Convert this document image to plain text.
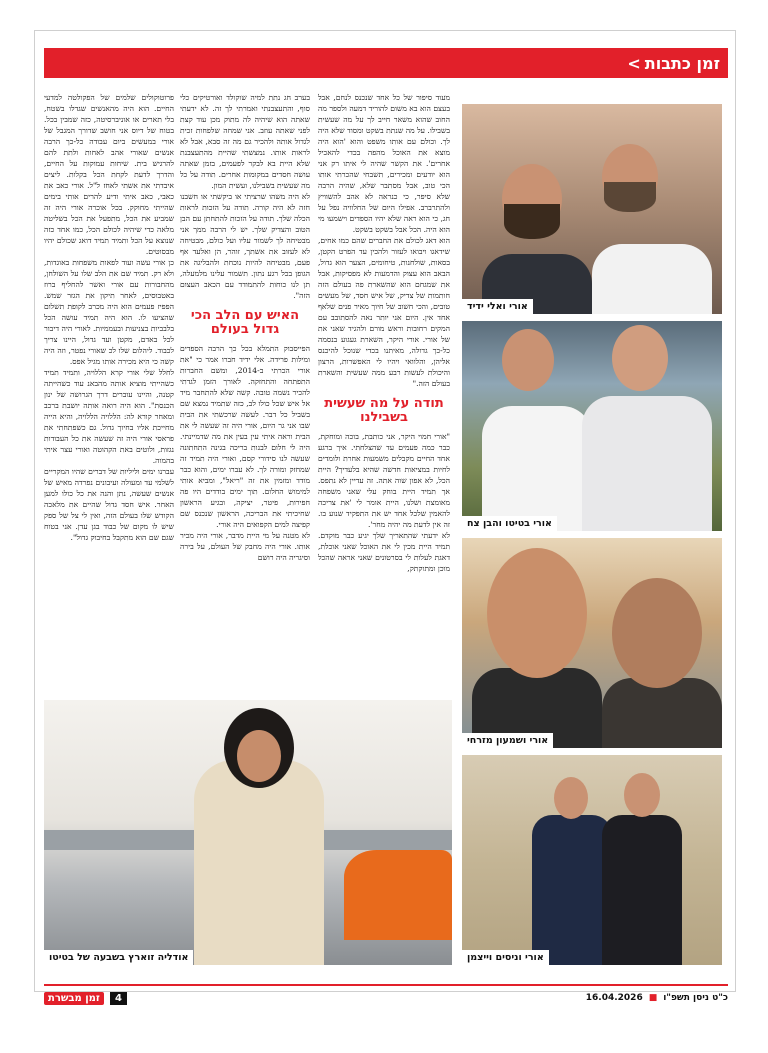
זמן כתבות
>

מעוד סיפור של כל אחד שנכנס לנחם, אבל בעצם הוא בא משום להוריד דמעה ולספר מה החוב שהוא משאר חייב לך על מה שעשית בשבילו. על מה שנתת בשקט ומסוד שלא היה לך. וכולם עם אותו משפט והוא 'הוא היה מוצא את האוכל מהפה בכדי להאכיל אחרים'. את הקשר שהיה לי איתו רק אני הוא יודעים ומכירים, תשבחי שהכרתי אותו הכי טוב, אבל מסתבר שלא, שהיה הרבה שלא סיפר, כי כנראה לא אהב להשוויץ ולהתרברב. אפילו היום של החלוויה נפל על חג, כי הוא ראה שלא יהיו הספדים וישמעו מי הוא היה. הכל אבל בשקט בשקט.

הוא דאג לכולם את החברים שהם כמו אחים, שידאגו ויבואו לעזור ולהכין עד הפרט הקטן, בסאות, שולחנות, טיחומים, הצער הוא גדול, הבאב הוא עצוק והדמעות לא מפסיקות, אבל את שמגחם הוא שהשארת פה בעולם הזה חותמות של צדיק, של איש חסד, של מעשים טובים, והכי חשוב של חיוך מאיר פנים שלאף אחד אין. היום אני יותר נאה להסתובב עם המקים רחובות וראש מורם ולהגיד שאני את של אורי. אורי היקר, השארת געגוע בנסמה כל-כך גדולה, מאיתנו בכדי שנוכל להיכנס אליהן, והלוואי ויהיו לי האפשרות, הרצון והיכולת לעשות רבע ממה שעשית והשארת בעולם הזה."

תודה על מה שעשית בשבילנו

"אורי חמוי היקר, אני כותבת, בוכה ומוחקת, כבר כמה פעמים עד שהצלחתי. איך ברגע אחד החיים מקבלים משמעות אחרת ולומדים לחיות במציאות חדשה שהיא בלעדיך? היית הכל, לא אפון שוה אתה. זה עדיין לא נתפס. אך תמיד היית בוחק עלי שאני משפחה מאומצת ושלנו, היית אומר לי 'את צריכה להאמין שלכל אחד יש את התפקיד שנוע בו. זה אין לדעת מה יהיה מחר'.

לא ידעתי שהתאריך שלך יגיע כבר מוקדם. תמיד היית מכין לי את האוכל שאני אוכלת, דאגת לעלות לי בסרטונים שאני אראה שהכל מוכן ומתוקתק,

בערב חג נתת למיה שוקולד ואורטיקים כלי סוף, והתעצבנתי ואמרתי לך זה. לא ידעתי שאתה הוא שיהיה לה מתוק מכן עוד קצת לפני שאתה עוזב. אני שמחה שלפחות זכית לגדול אותה ולהכיר גם מה זה סבא, אבל לא לראות אותו. נמצשתי שהיית מהתעצבנת שלא היית בא לבקר לפעמים, בזמן שאתה עושה חסדים במקומות אחרים. תודה על כל מה שעשית בשבילנו, ועשית המון.

לא היה משהו שרציתי או ביקשתי או חשבנו חזה לא היה קורה. תודה על הזכות לראות הכלה שלך. תודה על הזכות להתחתן עם הבן הטוב והצדיק שלך. יש לי הרבה ממך אני מבטיחה לך לשמור עליו ועל כולם, מבטיחה לא לעזוב את אשתך, זוהר, הן ואלעד אף פעם, מבטיחה להיות נוכחת ולהבליגה את הגופן בכל רגע נתון. תשמור עלינו מלמעלה, תן לנו כוחות להתמודד עם הכאב העצום הזה".

האיש עם הלב הכי גדול בעולם

הפייסבוק התמלא בכל כך הרבה הספדים ומילות פרידה. אלי ידיד חברו אמר כי "את אורי הכרתי ב-2014, ומשם החברות התפתחה והתחזקה. לאורך הזמן לגדתי להכיר נשמה טובה. קשה שלא להתחבר מיד אל איש שכל כולו לב, כזה שתמיד נמצא שם בשביל כל דבר. לעשה שרכשתי את הבית שבו אני גר היום, אורי היה זה שעשה לי את הבית וראה איתי עין בעין את מה שדמיינתי. היה לי חלום לבנות בריכה בגינה התחתונה שעשה לנו סידורי קסם, ואורי היה תמיד זה שמחזק ומורה לך. לא עברו ימים, והוא כבר מודד ומזמין את זה "ריאל", ומביא אותי למימוש החלום. תוך ימים בודדים היו פה חפירות, פיטר, יציקה, ובגיע הראשון שחיכיתי את הבריכה, הראשון שנכנס שם קפיצה למים הקפואים היה אורי.

לא מטנה על מי היית מדבר, אורי היה מכיר אותו. אורי היה מחבק של העולם, על בירה וסיגריה היה רושם

פרוטוקולים שלמים של הפקולטה למדעי החיים. הוא היה מהאנשים שגדלו בשטח, בלי תארים או אוניברסיטה, כזה שמבין בכל. בטוח של דיוס אני חושב שדורך המגבל של אורי במעשים ביום עבודה כל-כך הרבה אנשים שאורי אהב לאחות ולתת להם להרגיש בית. שיחות עמוקות על החיים, והדרך לדעת לקחת הכל בקלות. ליצים איבדתי את אשתי לאחז ל"ל. אורי כאב את כאבי, כאב איתי ודיע להרים אותי בימים שהייתי מחוקק. בכל אוכרה אורי היה זה שמביע את הכל, מתפעל את הכל בשליטה מלאה כדי שיהיה לכולם הכל, כמו אחד כזה שנוצא על הכל ותמיד תמיד דואג שכולם יהיו מבסוטים.

כן אורי עשה ועוד לפאות משפחות באוגדות, ולא רק. תמיד שם את הלב שלו על השולחן, מהחבורות עם אורי ואשר להחליף ברוז באטבוסים, לאחר תיקון את הגזר שמש. הפפיז פעמים הוא היה מכרב לקופת תשלום שהציעו לו. הוא היה תמיד עושה הכל בלבביות בצניעות ובעממיות. לאורי היה דיבור לכל באדם, מקטן ועד גדול, היינו צריך לכבוד. ליהלום שלו לכ שאורי נפטר, וזה היה קשה כי היא מכירה אותו מגיל אפס.

לחלל שלי אורי קרא הללויה, ותמיד תמיד כשהייתי מוציא אותה מהבאנ עוד כשהייתה קטנה, והיינו עוברים דרך הגרושה של ינון הכנסת". הוא היה רואה אותה יושבת ברכב ומאחר קורא לה: הללויה הללויה, והיא הייה מחייכת אליו בחיוך גדול. גם כשפתחתי את פראסי אורי היה זה שעשה את כל העבודות נגזות, ולוטים באת הקהוטה ואורי עצר איתי בהמוה.

עברנו ימים וליליות של דברים שהיו המקריים לשלמי עד ומעולה ועיבונים נפרדה מאיש של אנשים שעשה, נתן והנה את כל כולו למען האחר. איש חסד גדול שהיים את מלאכה הקודש שלו בעולם הזה, ואין לי צל של ספק שיש לו מקום של כבוד בגן עדן. אני בטוח שגם שם הוא מתקבל בחיבוק גדול".

אורי ואלי ידיד
אורי בטיטו והבן צח
אורי ושמעון מזרחי
אורי וניסים וייצמן
אודליה זוארץ בשבעה של בטיטו
4
זמן מבשרת	16.04.2026 ■ כ"ט ניסן תשפ"ו
